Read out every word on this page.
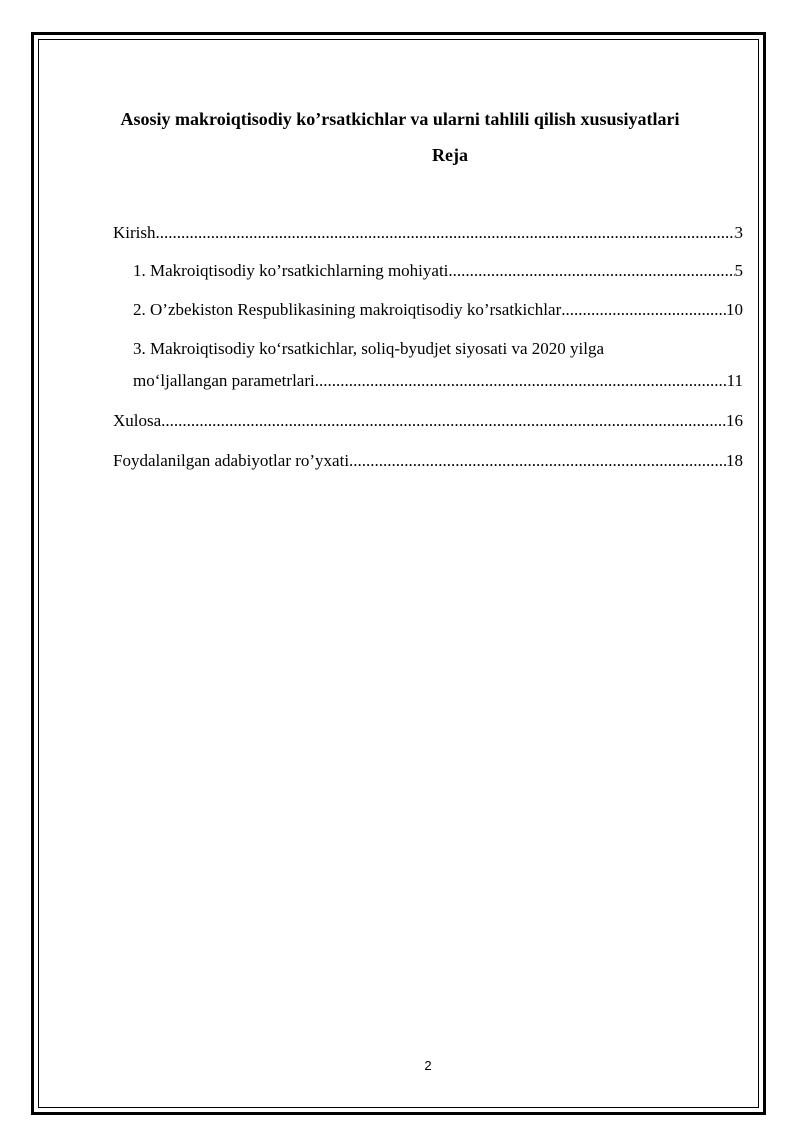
Asosiy makroiqtisodiy ko’rsatkichlar va ularni tahlili qilish xususiyatlari
Reja
Kirish .....	3
1. Makroiqtisodiy ko’rsatkichlarning mohiyati .....	5
2. O’zbekiston Respublikasining makroiqtisodiy ko’rsatkichlar .....	10
3. Makroiqtisodiy ko‘rsatkichlar, soliq-byudjet siyosati va 2020 yilga
mo‘ljallangan parametrlari .....	11
Xulosa .....	16
Foydalanilgan adabiyotlar ro’yxati .....	18
2
